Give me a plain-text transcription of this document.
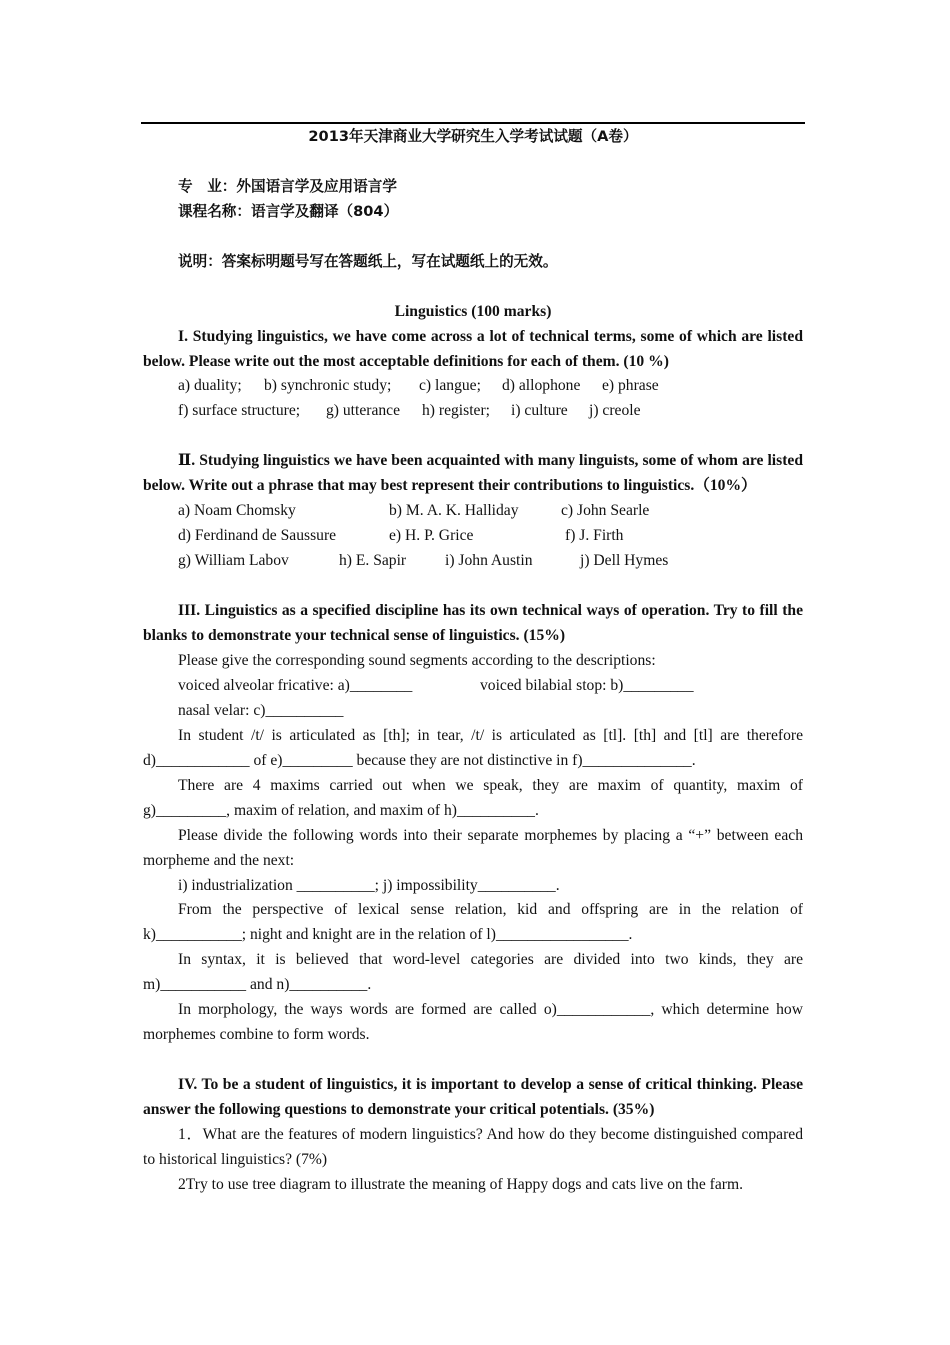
2013年天津商业大学研究生入学考试试题（A卷）

专　业：外国语言学及应用语言学

课程名称：语言学及翻译（804）

说明：答案标明题号写在答题纸上，写在试题纸上的无效。

Linguistics (100 marks)

I. Studying linguistics, we have come across a lot of technical terms, some of which are listed below. Please write out the most acceptable definitions for each of them. (10 %)

a) duality;	b) synchronic study;	c) langue;	d) allophone	e) phrase
f) surface structure;	g) utterance	h) register;	i) culture	j) creole

Ⅱ. Studying linguistics we have been acquainted with many linguists, some of whom are listed below. Write out a phrase that may best represent their contributions to linguistics.（10%）

a) Noam Chomsky	b) M. A. K. Halliday	c) John Searle
d) Ferdinand de Saussure	e) H. P. Grice	f) J. Firth
g) William Labov	h) E. Sapir	i) John Austin	j) Dell Hymes

III. Linguistics as a specified discipline has its own technical ways of operation. Try to fill the blanks to demonstrate your technical sense of linguistics. (15%)

Please give the corresponding sound segments according to the descriptions:

voiced alveolar fricative: a)________	voiced bilabial stop: b)_________

nasal velar: c)__________

In student /t/ is articulated as [th]; in tear, /t/ is articulated as [tl]. [th] and [tl] are therefore d)____________ of e)_________ because they are not distinctive in f)______________.

There are 4 maxims carried out when we speak, they are maxim of quantity, maxim of g)_________, maxim of relation, and maxim of h)__________.

Please divide the following words into their separate morphemes by placing a “+” between each morpheme and the next:

i) industrialization __________; j) impossibility__________.

From the perspective of lexical sense relation, kid and offspring are in the relation of k)___________; night and knight are in the relation of l)_________________.

In syntax, it is believed that word-level categories are divided into two kinds, they are m)___________ and n)__________.

In morphology, the ways words are formed are called o)____________, which determine how morphemes combine to form words.

IV. To be a student of linguistics, it is important to develop a sense of critical thinking. Please answer the following questions to demonstrate your critical potentials. (35%)

1．What are the features of modern linguistics? And how do they become distinguished compared to historical linguistics? (7%)

2Try to use tree diagram to illustrate the meaning of Happy dogs and cats live on the farm.
